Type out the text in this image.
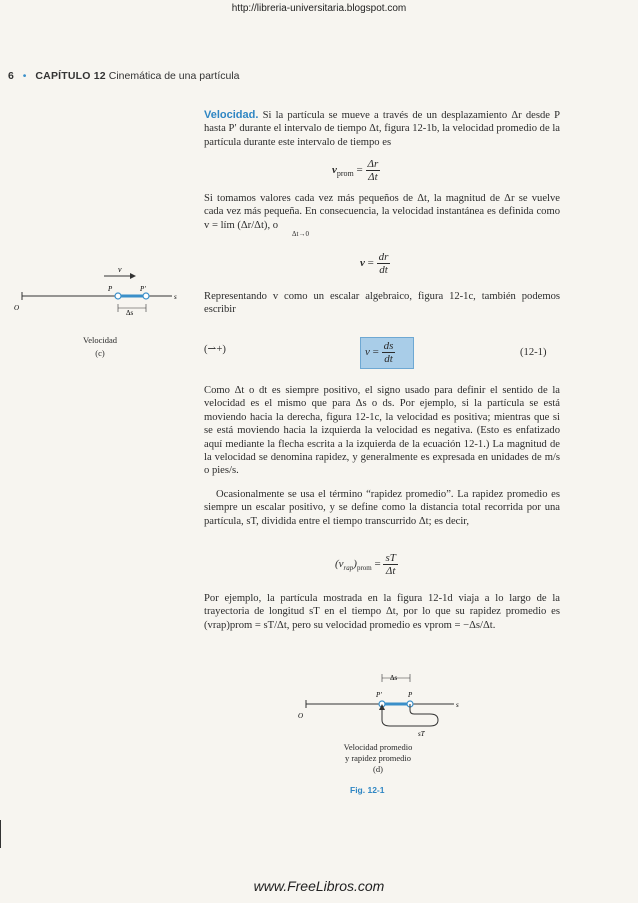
http://libreria-universitaria.blogspot.com
6 • CAPÍTULO 12 Cinemática de una partícula
Velocidad. Si la partícula se mueve a través de un desplazamiento Δr desde P hasta P′ durante el intervalo de tiempo Δt, figura 12-1b, la velocidad promedio de la partícula durante este intervalo de tiempo es
$v_{prom} = \frac{\Delta r}{\Delta t}$
Si tomamos valores cada vez más pequeños de Δt, la magnitud de Δr se vuelve cada vez más pequeña. En consecuencia, la velocidad instantánea es definida como v = lím (Δr/Δt), o
Δt→0
$v = \frac{dr}{dt}$
Representando v como un escalar algebraico, figura 12-1c, también podemos escribir
(⇀+)	$v = \frac{ds}{dt}$	(12-1)
Como Δt o dt es siempre positivo, el signo usado para definir el sentido de la velocidad es el mismo que para Δs o ds. Por ejemplo, si la partícula se está moviendo hacia la derecha, figura 12-1c, la velocidad es positiva; mientras que si se está moviendo hacia la izquierda la velocidad es negativa. (Esto es enfatizado aquí mediante la flecha escrita a la izquierda de la ecuación 12-1.) La magnitud de la velocidad se denomina rapidez, y generalmente es expresada en unidades de m/s o pies/s.
Ocasionalmente se usa el término “rapidez promedio”. La rapidez promedio es siempre un escalar positivo, y se define como la distancia total recorrida por una partícula, sT, dividida entre el tiempo transcurrido Δt; es decir,
$(v_{rap})_{prom} = \frac{sT}{\Delta t}$
Por ejemplo, la partícula mostrada en la figura 12-1d viaja a lo largo de la trayectoria de longitud sT en el tiempo Δt, por lo que su rapidez promedio es (vrap)prom = sT/Δt, pero su velocidad promedio es vprom = −Δs/Δt.
v
P	P′
s
O
Δs
Velocidad
(c)
Δs
P′	P
s
O
sT
Velocidad promedio
y rapidez promedio
(d)
Fig. 12-1
www.FreeLibros.com
